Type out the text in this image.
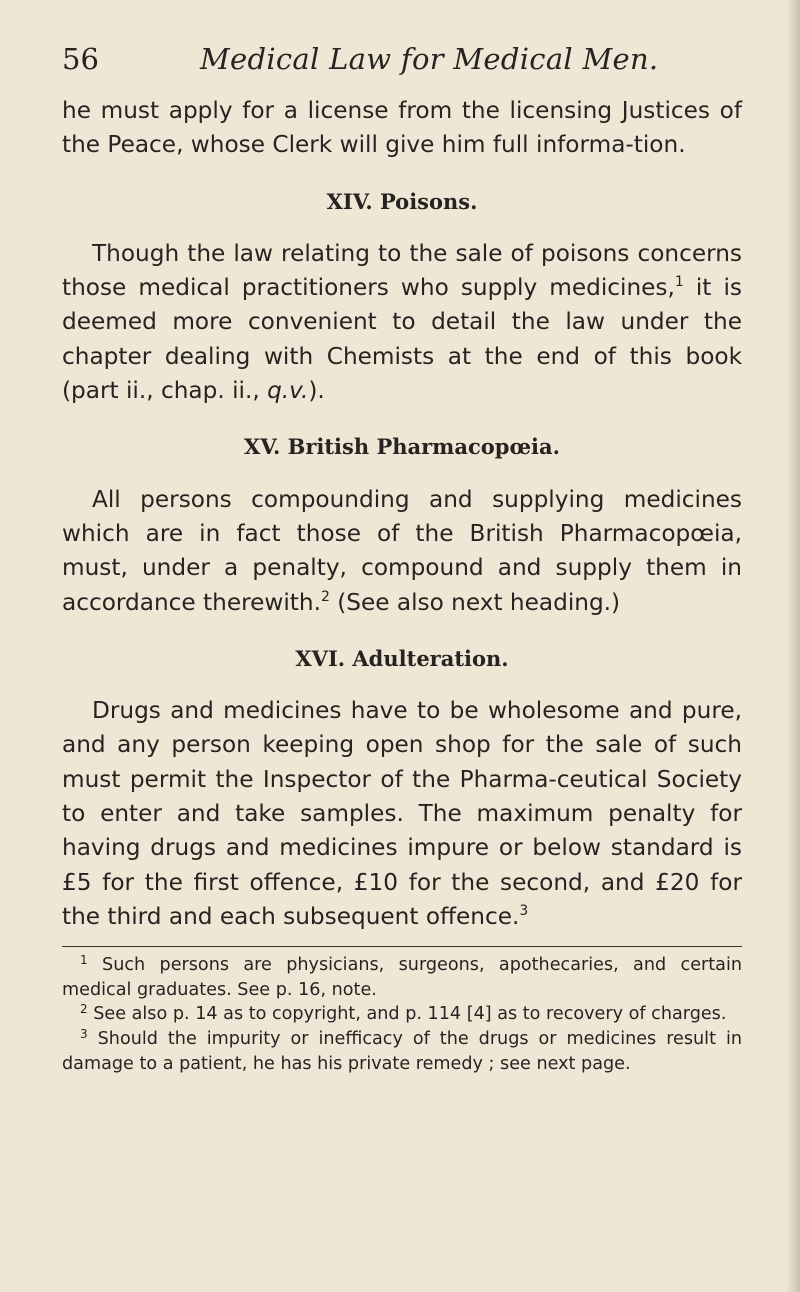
56	Medical Law for Medical Men.

he must apply for a license from the licensing Justices of the Peace, whose Clerk will give him full informa-tion.

XIV. Poisons.

Though the law relating to the sale of poisons concerns those medical practitioners who supply medicines,$^1$ it is deemed more convenient to detail the law under the chapter dealing with Chemists at the end of this book (part ii., chap. ii., q.v.).

XV. British Pharmacopœia.

All persons compounding and supplying medicines which are in fact those of the British Pharmacopœia, must, under a penalty, compound and supply them in accordance therewith.$^2$ (See also next heading.)

XVI. Adulteration.

Drugs and medicines have to be wholesome and pure, and any person keeping open shop for the sale of such must permit the Inspector of the Pharma-ceutical Society to enter and take samples. The maximum penalty for having drugs and medicines impure or below standard is £5 for the first offence, £10 for the second, and £20 for the third and each subsequent offence.$^3$

$^1$ Such persons are physicians, surgeons, apothecaries, and certain medical graduates. See p. 16, note.

$^2$ See also p. 14 as to copyright, and p. 114 [4] as to recovery of charges.

$^3$ Should the impurity or inefficacy of the drugs or medicines result in damage to a patient, he has his private remedy ; see next page.
